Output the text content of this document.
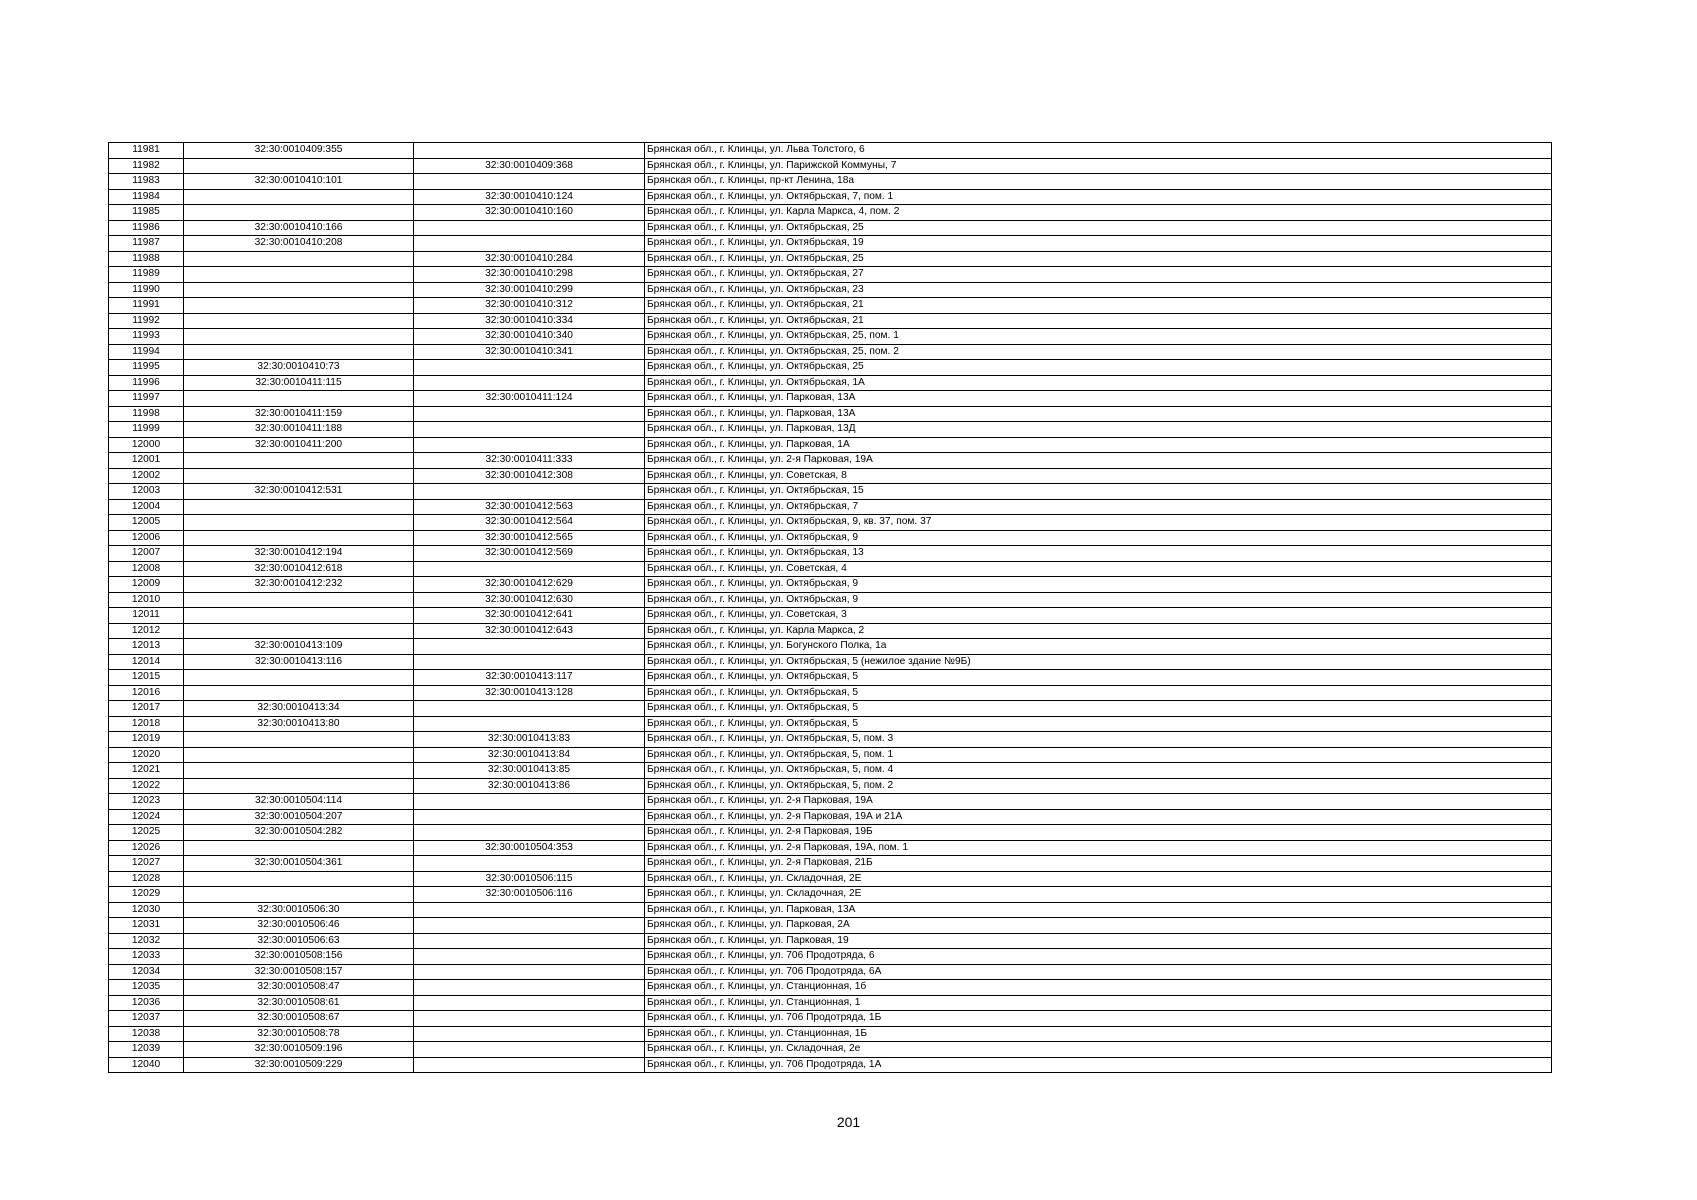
11981	32:30:0010409:355		Брянская обл., г. Клинцы, ул. Льва Толстого, 6
11982		32:30:0010409:368	Брянская обл., г. Клинцы, ул. Парижской Коммуны, 7
11983	32:30:0010410:101		Брянская обл., г. Клинцы, пр-кт Ленина, 18а
11984		32:30:0010410:124	Брянская обл., г. Клинцы, ул. Октябрьская, 7, пом. 1
11985		32:30:0010410:160	Брянская обл., г. Клинцы, ул. Карла Маркса, 4, пом. 2
11986	32:30:0010410:166		Брянская обл., г. Клинцы, ул. Октябрьская, 25
11987	32:30:0010410:208		Брянская обл., г. Клинцы, ул. Октябрьская, 19
11988		32:30:0010410:284	Брянская обл., г. Клинцы, ул. Октябрьская, 25
11989		32:30:0010410:298	Брянская обл., г. Клинцы, ул. Октябрьская, 27
11990		32:30:0010410:299	Брянская обл., г. Клинцы, ул. Октябрьская, 23
11991		32:30:0010410:312	Брянская обл., г. Клинцы, ул. Октябрьская, 21
11992		32:30:0010410:334	Брянская обл., г. Клинцы, ул. Октябрьская, 21
11993		32:30:0010410:340	Брянская обл., г. Клинцы, ул. Октябрьская, 25, пом. 1
11994		32:30:0010410:341	Брянская обл., г. Клинцы, ул. Октябрьская, 25, пом. 2
11995	32:30:0010410:73		Брянская обл., г. Клинцы, ул. Октябрьская, 25
11996	32:30:0010411:115		Брянская обл., г. Клинцы, ул. Октябрьская, 1А
11997		32:30:0010411:124	Брянская обл., г. Клинцы, ул. Парковая, 13А
11998	32:30:0010411:159		Брянская обл., г. Клинцы, ул. Парковая, 13А
11999	32:30:0010411:188		Брянская обл., г. Клинцы, ул. Парковая, 13Д
12000	32:30:0010411:200		Брянская обл., г. Клинцы, ул. Парковая, 1А
12001		32:30:0010411:333	Брянская обл., г. Клинцы, ул. 2-я Парковая, 19А
12002		32:30:0010412:308	Брянская обл., г. Клинцы, ул. Советская, 8
12003	32:30:0010412:531		Брянская обл., г. Клинцы, ул. Октябрьская, 15
12004		32:30:0010412:563	Брянская обл., г. Клинцы, ул. Октябрьская, 7
12005		32:30:0010412:564	Брянская обл., г. Клинцы, ул. Октябрьская, 9, кв. 37, пом. 37
12006		32:30:0010412:565	Брянская обл., г. Клинцы, ул. Октябрьская, 9
12007	32:30:0010412:194	32:30:0010412:569	Брянская обл., г. Клинцы, ул. Октябрьская, 13
12008	32:30:0010412:618		Брянская обл., г. Клинцы, ул. Советская, 4
12009	32:30:0010412:232	32:30:0010412:629	Брянская обл., г. Клинцы, ул. Октябрьская, 9
12010		32:30:0010412:630	Брянская обл., г. Клинцы, ул. Октябрьская, 9
12011		32:30:0010412:641	Брянская обл., г. Клинцы, ул. Советская, 3
12012		32:30:0010412:643	Брянская обл., г. Клинцы, ул. Карла Маркса, 2
12013	32:30:0010413:109		Брянская обл., г. Клинцы, ул. Богунского Полка, 1а
12014	32:30:0010413:116		Брянская обл., г. Клинцы, ул. Октябрьская, 5 (нежилое здание №9Б)
12015		32:30:0010413:117	Брянская обл., г. Клинцы, ул. Октябрьская, 5
12016		32:30:0010413:128	Брянская обл., г. Клинцы, ул. Октябрьская, 5
12017	32:30:0010413:34		Брянская обл., г. Клинцы, ул. Октябрьская, 5
12018	32:30:0010413:80		Брянская обл., г. Клинцы, ул. Октябрьская, 5
12019		32:30:0010413:83	Брянская обл., г. Клинцы, ул. Октябрьская, 5, пом. 3
12020		32:30:0010413:84	Брянская обл., г. Клинцы, ул. Октябрьская, 5, пом. 1
12021		32:30:0010413:85	Брянская обл., г. Клинцы, ул. Октябрьская, 5, пом. 4
12022		32:30:0010413:86	Брянская обл., г. Клинцы, ул. Октябрьская, 5, пом. 2
12023	32:30:0010504:114		Брянская обл., г. Клинцы, ул. 2-я Парковая, 19А
12024	32:30:0010504:207		Брянская обл., г. Клинцы, ул. 2-я Парковая, 19А и 21А
12025	32:30:0010504:282		Брянская обл., г. Клинцы, ул. 2-я Парковая, 19Б
12026		32:30:0010504:353	Брянская обл., г. Клинцы, ул. 2-я Парковая, 19А, пом. 1
12027	32:30:0010504:361		Брянская обл., г. Клинцы, ул. 2-я Парковая, 21Б
12028		32:30:0010506:115	Брянская обл., г. Клинцы, ул. Складочная, 2Е
12029		32:30:0010506:116	Брянская обл., г. Клинцы, ул. Складочная, 2Е
12030	32:30:0010506:30		Брянская обл., г. Клинцы, ул. Парковая, 13А
12031	32:30:0010506:46		Брянская обл., г. Клинцы, ул. Парковая, 2А
12032	32:30:0010506:63		Брянская обл., г. Клинцы, ул. Парковая, 19
12033	32:30:0010508:156		Брянская обл., г. Клинцы, ул. 706 Продотряда, 6
12034	32:30:0010508:157		Брянская обл., г. Клинцы, ул. 706 Продотряда, 6А
12035	32:30:0010508:47		Брянская обл., г. Клинцы, ул. Станционная, 1б
12036	32:30:0010508:61		Брянская обл., г. Клинцы, ул. Станционная, 1
12037	32:30:0010508:67		Брянская обл., г. Клинцы, ул. 706 Продотряда, 1Б
12038	32:30:0010508:78		Брянская обл., г. Клинцы, ул. Станционная, 1Б
12039	32:30:0010509:196		Брянская обл., г. Клинцы, ул. Складочная, 2е
12040	32:30:0010509:229		Брянская обл., г. Клинцы, ул. 706 Продотряда, 1А
201
